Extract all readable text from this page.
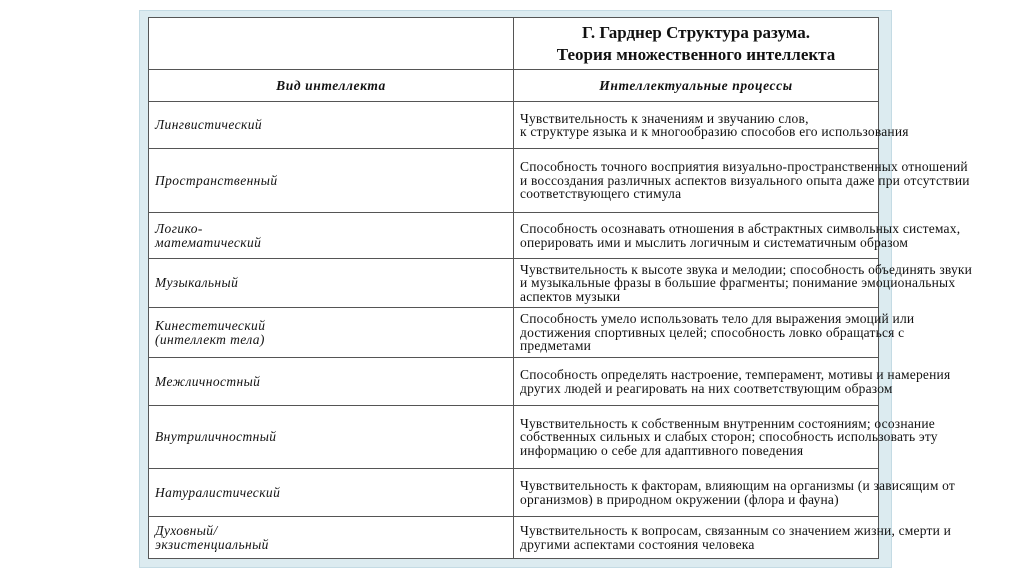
	Г. Гарднер Структура разума.
Теория множественного интеллекта

Вид интеллекта	Интеллектуальные процессы

Лингвистический	Чувствительность к значениям и звучанию слов,
к структуре языка и к многообразию способов его использования

Пространственный	Способность точного восприятия визуально-пространственных отношений
и воссоздания различных аспектов визуального опыта даже при отсутствии
соответствующего стимула

Логико-
математический	Способность осознавать отношения в абстрактных символьных системах,
оперировать ими и мыслить логичным и систематичным образом

Музыкальный	Чувствительность к высоте звука и мелодии; способность объединять звуки
и музыкальные фразы в большие фрагменты; понимание эмоциональных
аспектов музыки

Кинестетический
(интеллект тела)	Способность умело использовать тело для выражения эмоций или
достижения спортивных целей; способность ловко обращаться с
предметами

Межличностный	Способность определять настроение, темперамент, мотивы и намерения
других людей и реагировать на них соответствующим образом

Внутриличностный	Чувствительность к собственным внутренним состояниям; осознание
собственных сильных и слабых сторон; способность использовать эту
информацию о себе для адаптивного поведения

Натуралистический	Чувствительность к факторам, влияющим на организмы (и зависящим от
организмов) в природном окружении (флора и фауна)

Духовный/
экзистенциальный	Чувствительность к вопросам, связанным со значением жизни, смерти и
другими аспектами состояния человека
